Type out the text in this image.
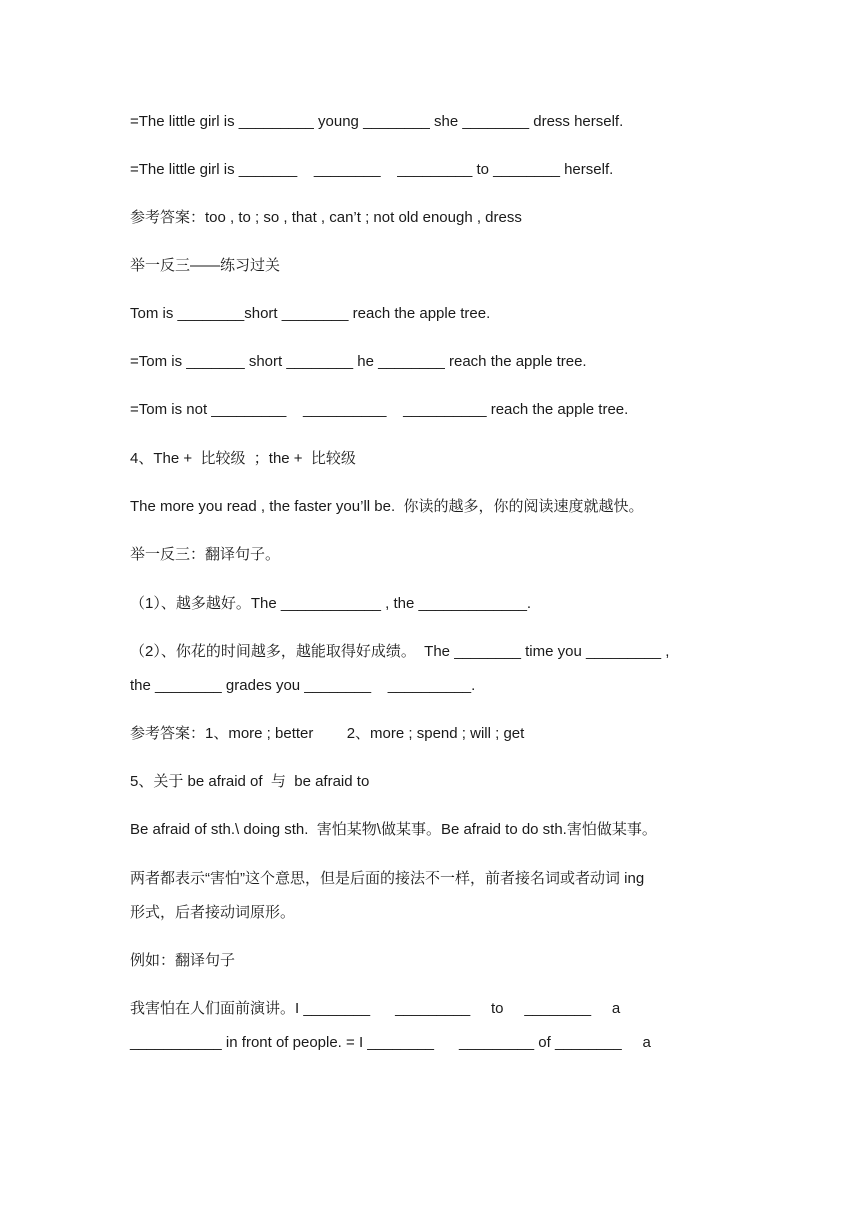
=The little girl is _________ young ________ she ________ dress herself.
=The little girl is _______    ________    _________ to ________ herself.
参考答案：too , to ; so , that , can’t ; not old enough , dress
举一反三——练习过关
Tom is ________short ________ reach the apple tree.
=Tom is _______ short ________ he ________ reach the apple tree.
=Tom is not _________    __________    __________ reach the apple tree.
4、The +  比较级  ；the +  比较级
The more you read , the faster you’ll be.  你读的越多，你的阅读速度就越快。
举一反三：翻译句子。
（1）、越多越好。The ____________ , the _____________.
（2）、你花的时间越多，越能取得好成绩。  The ________ time you _________ ,
the ________ grades you ________    __________.
参考答案：1、more ; better        2、more ; spend ; will ; get
5、关于 be afraid of  与  be afraid to
Be afraid of sth.\ doing sth.  害怕某物\做某事。Be afraid to do sth.害怕做某事。
两者都表示“害怕”这个意思，但是后面的接法不一样，前者接名词或者动词 ing
形式，后者接动词原形。
例如：翻译句子
我害怕在人们面前演讲。I ________      _________     to     ________     a
___________ in front of people. = I ________      _________ of ________     a
